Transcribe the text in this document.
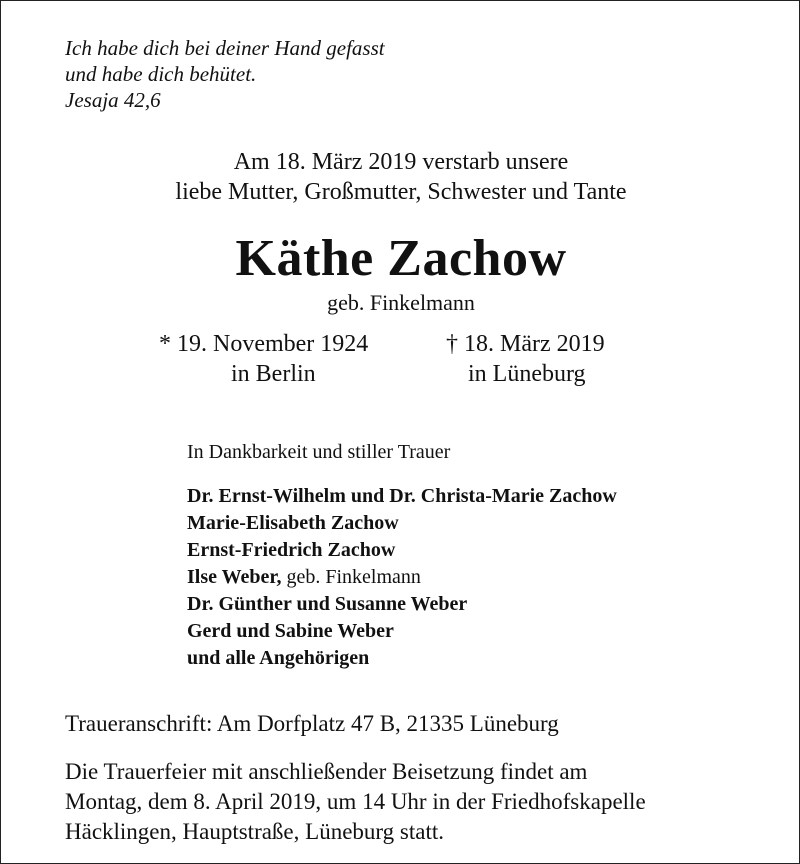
Ich habe dich bei deiner Hand gefasst
und habe dich behütet.
Jesaja 42,6
Am 18. März 2019 verstarb unsere
liebe Mutter, Großmutter, Schwester und Tante
Käthe Zachow
geb. Finkelmann
* 19. November 1924	† 18. März 2019
in Berlin	in Lüneburg
In Dankbarkeit und stiller Trauer
Dr. Ernst-Wilhelm und Dr. Christa-Marie Zachow
Marie-Elisabeth Zachow
Ernst-Friedrich Zachow
Ilse Weber, geb. Finkelmann
Dr. Günther und Susanne Weber
Gerd und Sabine Weber
und alle Angehörigen
Traueranschrift: Am Dorfplatz 47 B, 21335 Lüneburg
Die Trauerfeier mit anschließender Beisetzung findet am
Montag, dem 8. April 2019, um 14 Uhr in der Friedhofskapelle
Häcklingen, Hauptstraße, Lüneburg statt.
